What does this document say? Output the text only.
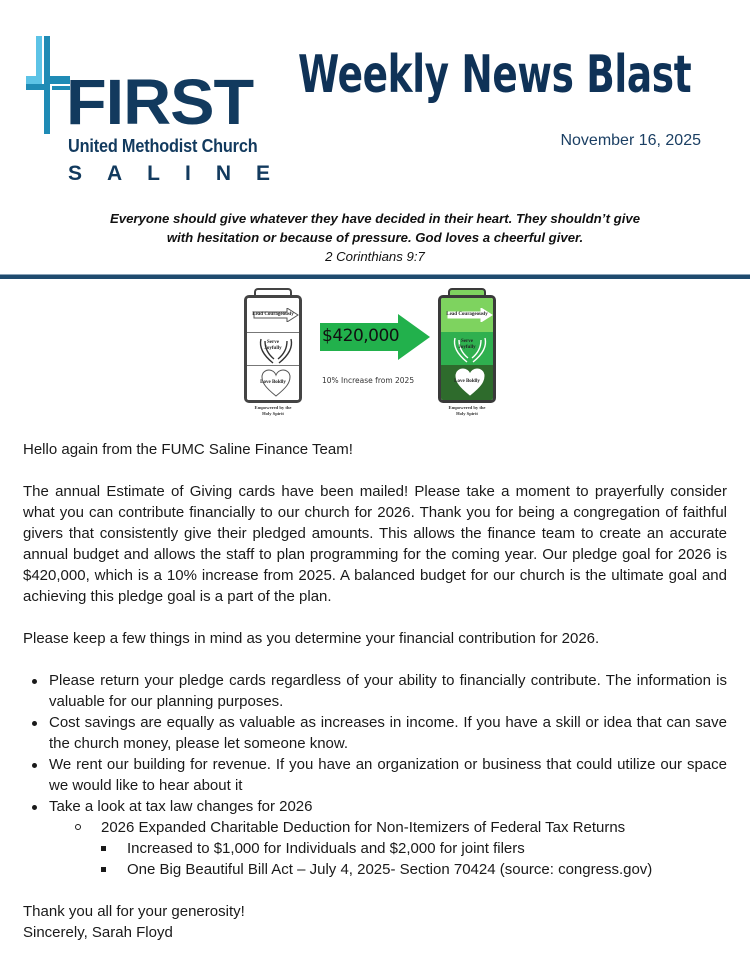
FIRST
United Methodist Church
SALINE
Weekly News Blast
November 16, 2025
Everyone should give whatever they have decided in their heart. They shouldn’t give
with hesitation or because of pressure. God loves a cheerful giver.
2 Corinthians 9:7
Lead Courageously
Serve
Joyfully
Love Boldly
Empowered by the
Holy Spirit
$420,000
10% Increase from 2025
Lead Courageously
Serve
Joyfully
Love Boldly
Empowered by the
Holy Spirit

Hello again from the FUMC Saline Finance Team!

The annual Estimate of Giving cards have been mailed! Please take a moment to prayerfully consider what you can contribute financially to our church for 2026. Thank you for being a congregation of faithful givers that consistently give their pledged amounts. This allows the finance team to create an accurate annual budget and allows the staff to plan programming for the coming year. Our pledge goal for 2026 is $420,000, which is a 10% increase from 2025. A balanced budget for our church is the ultimate goal and achieving this pledge goal is a part of the plan.

Please keep a few things in mind as you determine your financial contribution for 2026.

Please return your pledge cards regardless of your ability to financially contribute. The information is valuable for our planning purposes.
Cost savings are equally as valuable as increases in income. If you have a skill or idea that can save the church money, please let someone know.
We rent our building for revenue. If you have an organization or business that could utilize our space we would like to hear about it
Take a look at tax law changes for 2026
2026 Expanded Charitable Deduction for Non-Itemizers of Federal Tax Returns
Increased to $1,000 for Individuals and $2,000 for joint filers
One Big Beautiful Bill Act – July 4, 2025- Section 70424 (source: congress.gov)

Thank you all for your generosity!

Sincerely, Sarah Floyd
